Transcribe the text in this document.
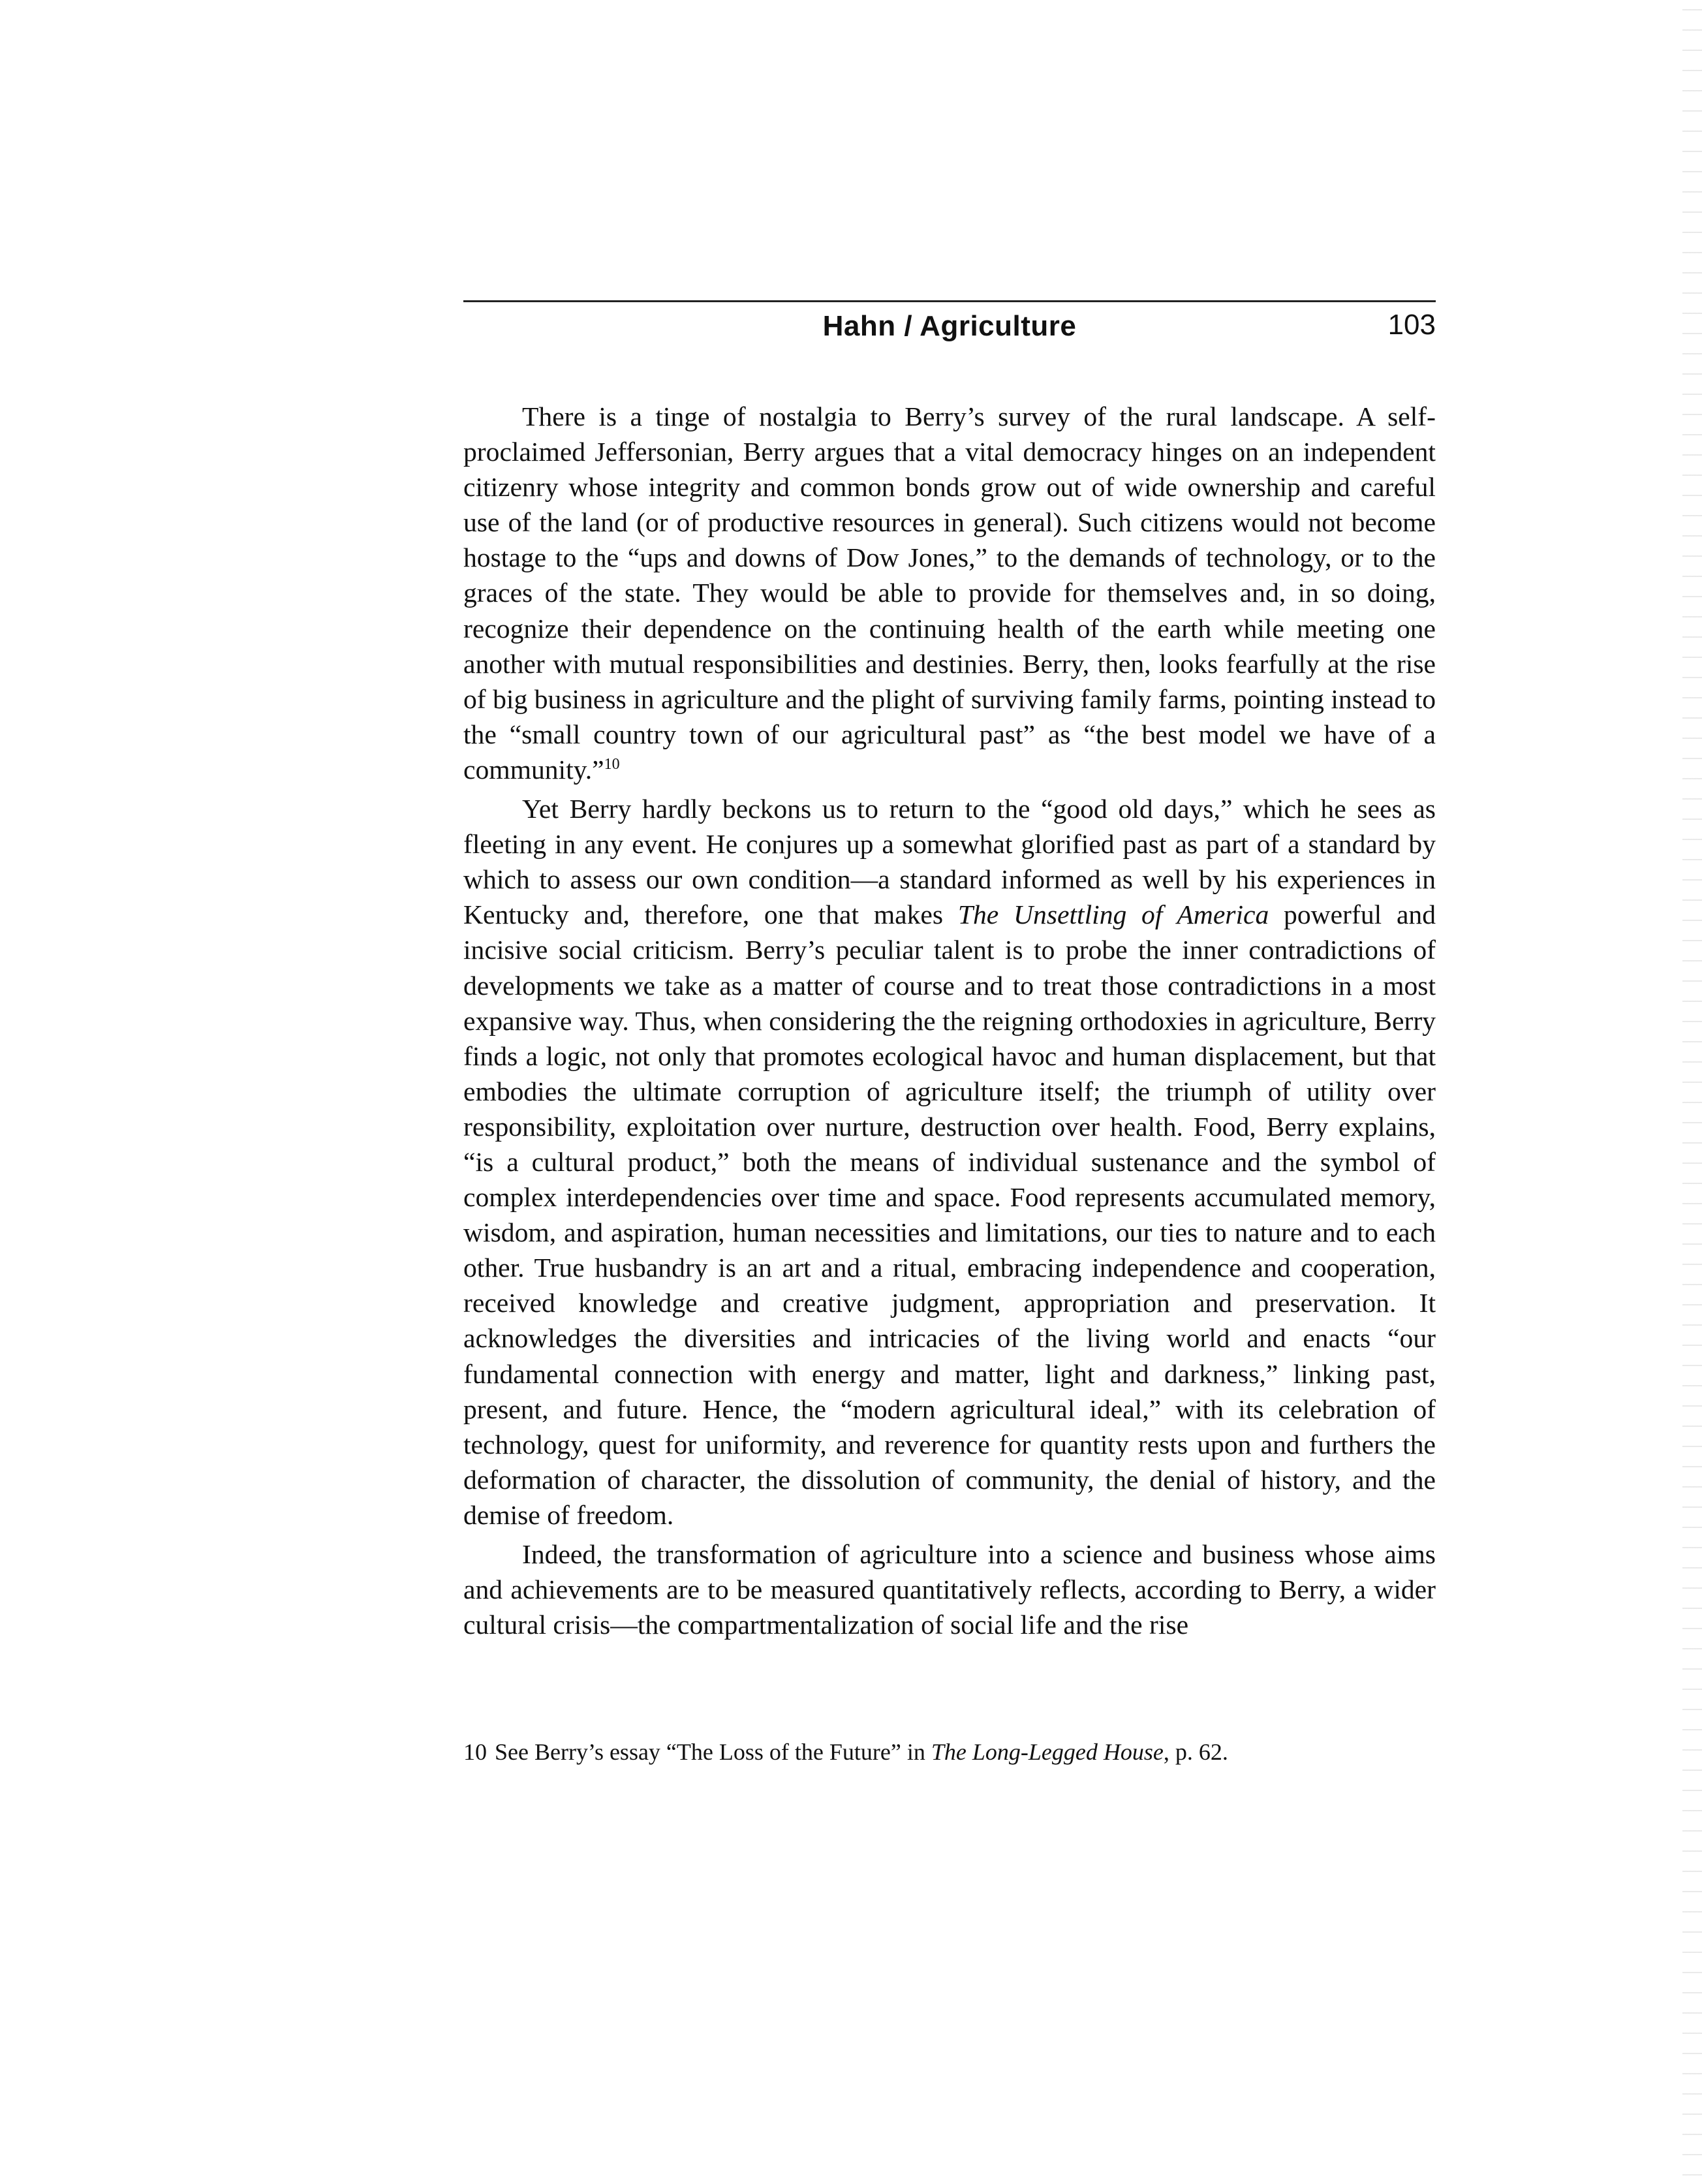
Hahn / Agriculture	103

There is a tinge of nostalgia to Berry’s survey of the rural landscape. A self-proclaimed Jeffersonian, Berry argues that a vital democracy hinges on an independent citizenry whose integrity and common bonds grow out of wide ownership and careful use of the land (or of productive resources in general). Such citizens would not become hostage to the “ups and downs of Dow Jones,” to the demands of technology, or to the graces of the state. They would be able to provide for themselves and, in so doing, recognize their dependence on the continuing health of the earth while meeting one another with mutual responsibilities and destinies. Berry, then, looks fearfully at the rise of big business in agriculture and the plight of surviving family farms, pointing instead to the “small country town of our agricultural past” as “the best model we have of a community.”$^{10}$

Yet Berry hardly beckons us to return to the “good old days,” which he sees as fleeting in any event. He conjures up a somewhat glorified past as part of a standard by which to assess our own condition—a standard informed as well by his experiences in Kentucky and, therefore, one that makes The Unsettling of America powerful and incisive social criticism. Berry’s peculiar talent is to probe the inner contradictions of developments we take as a matter of course and to treat those contradictions in a most expansive way. Thus, when considering the the reigning orthodoxies in agriculture, Berry finds a logic, not only that promotes ecological havoc and human displacement, but that embodies the ultimate corruption of agriculture itself; the triumph of utility over responsibility, exploitation over nurture, destruction over health. Food, Berry explains, “is a cultural product,” both the means of individual sustenance and the symbol of complex interdependencies over time and space. Food represents accumulated memory, wisdom, and aspiration, human necessities and limitations, our ties to nature and to each other. True husbandry is an art and a ritual, embracing independence and cooperation, received knowledge and creative judgment, appropriation and preservation. It acknowledges the diversities and intricacies of the living world and enacts “our fundamental connection with energy and matter, light and darkness,” linking past, present, and future. Hence, the “modern agricultural ideal,” with its celebration of technology, quest for uniformity, and reverence for quantity rests upon and furthers the deformation of character, the dissolution of community, the denial of history, and the demise of freedom.

Indeed, the transformation of agriculture into a science and business whose aims and achievements are to be measured quantitatively reflects, according to Berry, a wider cultural crisis—the compartmentalization of social life and the rise

10 See Berry’s essay “The Loss of the Future” in The Long-Legged House, p. 62.
